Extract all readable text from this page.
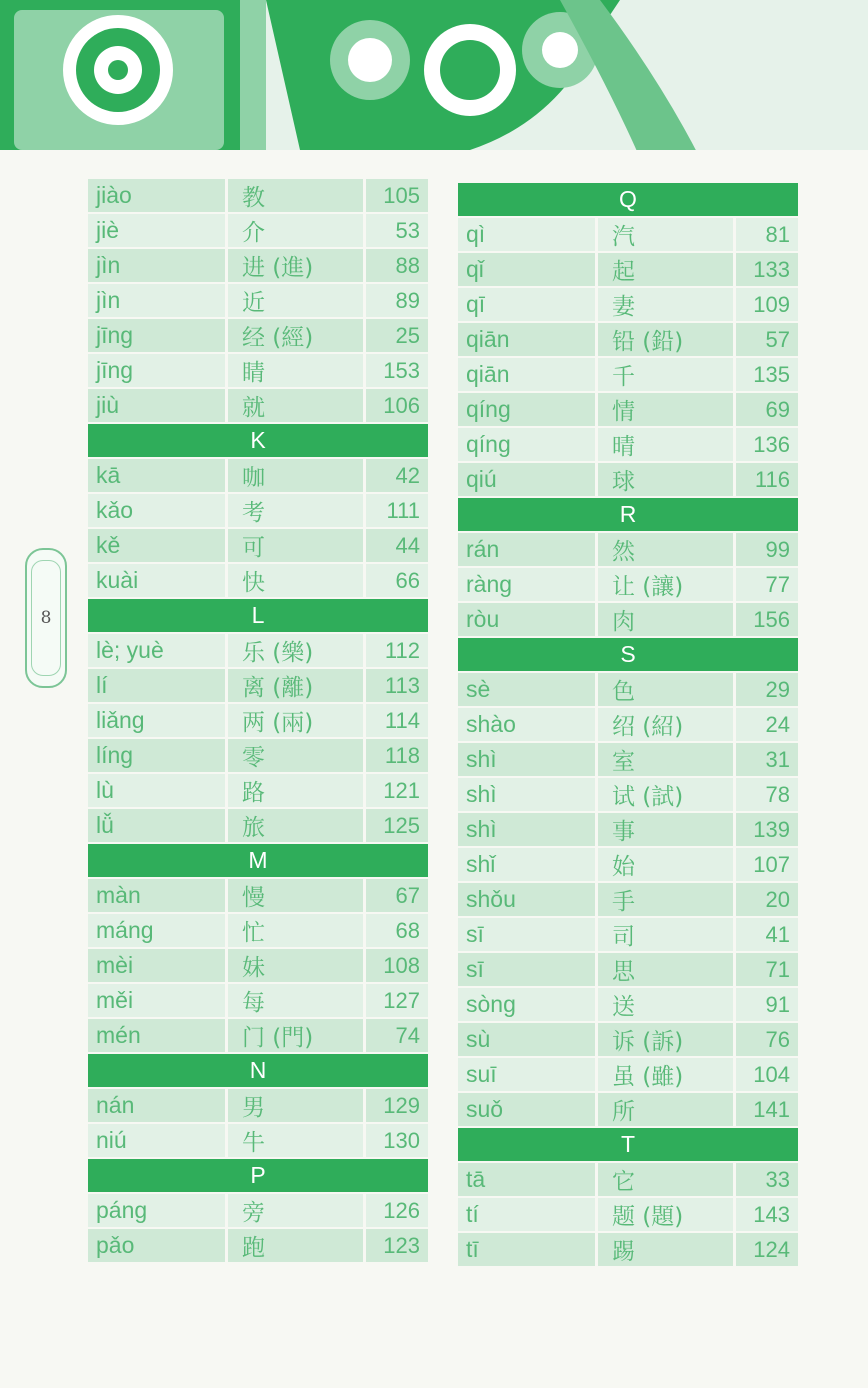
8
jiào	教	105
jiè	介	53
jìn	进 (進)	88
jìn	近	89
jīng	经 (經)	25
jīng	睛	153
jiù	就	106
K
kā	咖	42
kǎo	考	111
kě	可	44
kuài	快	66
L
lè; yuè	乐 (樂)	112
lí	离 (離)	113
liǎng	两 (兩)	114
líng	零	118
lù	路	121
lǚ	旅	125
M
màn	慢	67
máng	忙	68
mèi	妹	108
měi	每	127
mén	门 (門)	74
N
nán	男	129
niú	牛	130
P
páng	旁	126
pǎo	跑	123
Q
qì	汽	81
qǐ	起	133
qī	妻	109
qiān	铅 (鉛)	57
qiān	千	135
qíng	情	69
qíng	晴	136
qiú	球	116
R
rán	然	99
ràng	让 (讓)	77
ròu	肉	156
S
sè	色	29
shào	绍 (紹)	24
shì	室	31
shì	试 (試)	78
shì	事	139
shǐ	始	107
shǒu	手	20
sī	司	41
sī	思	71
sòng	送	91
sù	诉 (訴)	76
suī	虽 (雖)	104
suǒ	所	141
T
tā	它	33
tí	题 (題)	143
tī	踢	124
